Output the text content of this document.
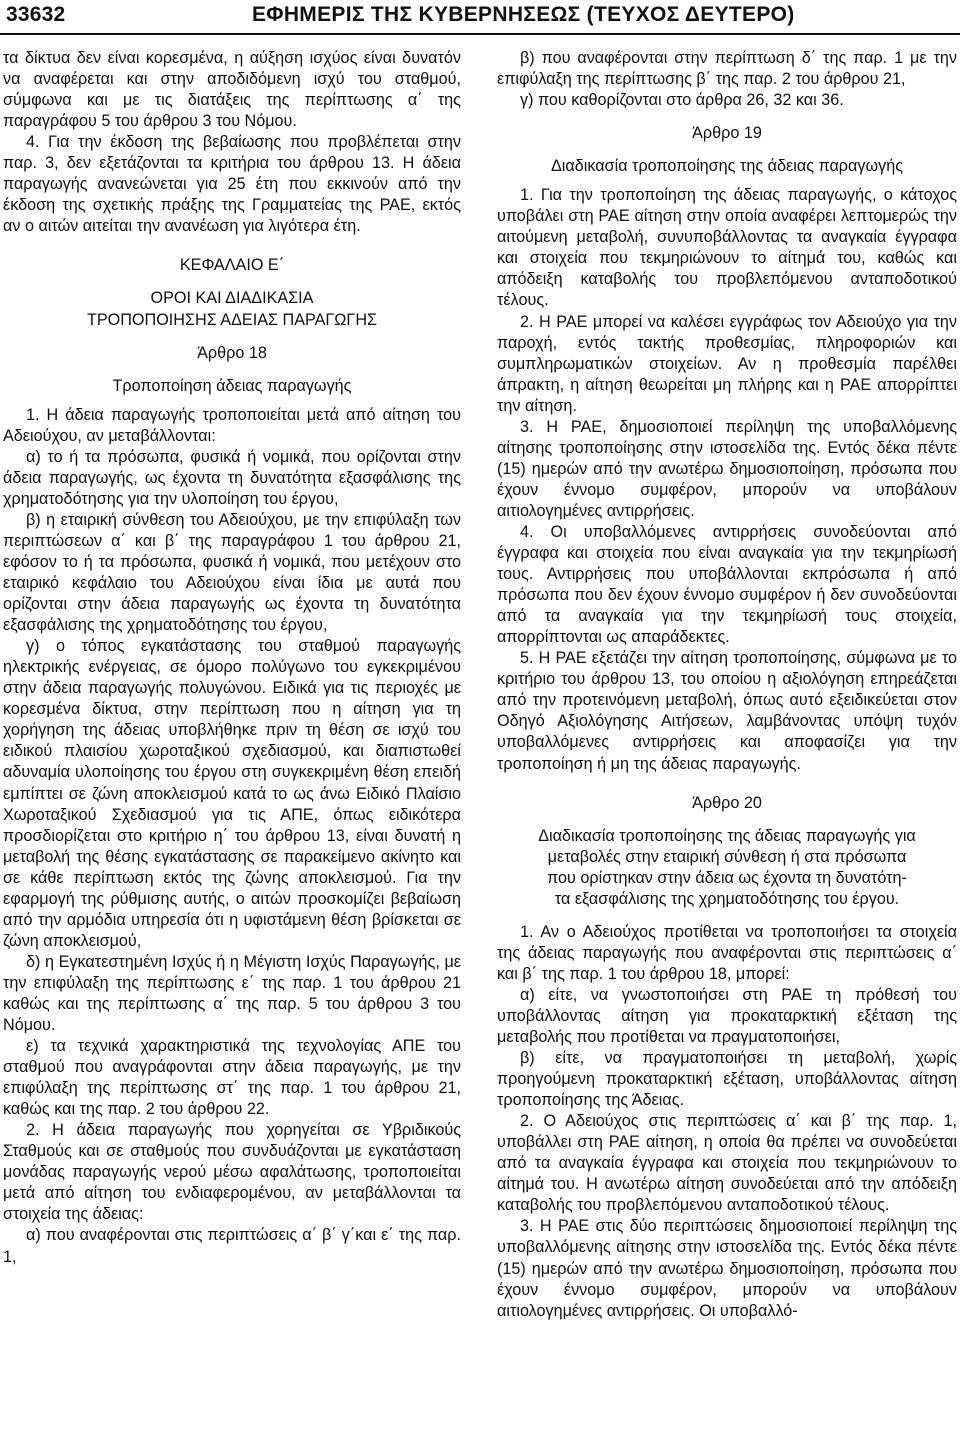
33632	ΕΦΗΜΕΡΙΣ ΤΗΣ ΚΥΒΕΡΝΗΣΕΩΣ (ΤΕΥΧΟΣ ΔΕΥΤΕΡΟ)

τα δίκτυα δεν είναι κορεσμένα, η αύξηση ισχύος είναι δυνατόν να αναφέρεται και στην αποδιδόμενη ισχύ του σταθμού, σύμφωνα και με τις διατάξεις της περίπτωσης α΄ της παραγράφου 5 του άρθρου 3 του Νόμου.

4. Για την έκδοση της βεβαίωσης που προβλέπεται στην παρ. 3, δεν εξετάζονται τα κριτήρια του άρθρου 13. Η άδεια παραγωγής ανανεώνεται για 25 έτη που εκκινούν από την έκδοση της σχετικής πράξης της Γραμματείας της ΡΑΕ, εκτός αν ο αιτών αιτείται την ανανέωση για λιγότερα έτη.

ΚΕΦΑΛΑΙΟ Ε΄

ΟΡΟΙ ΚΑΙ ΔΙΑΔΙΚΑΣΙΑ

ΤΡΟΠΟΠΟΙΗΣΗΣ ΑΔΕΙΑΣ ΠΑΡΑΓΩΓΗΣ

Άρθρο 18

Τροποποίηση άδειας παραγωγής

1. Η άδεια παραγωγής τροποποιείται μετά από αίτηση του Αδειούχου, αν μεταβάλλονται:

α) το ή τα πρόσωπα, φυσικά ή νομικά, που ορίζονται στην άδεια παραγωγής, ως έχοντα τη δυνατότητα εξασφάλισης της χρηματοδότησης για την υλοποίηση του έργου,

β) η εταιρική σύνθεση του Αδειούχου, με την επιφύλαξη των περιπτώσεων α΄ και β΄ της παραγράφου 1 του άρθρου 21, εφόσον το ή τα πρόσωπα, φυσικά ή νομικά, που μετέχουν στο εταιρικό κεφάλαιο του Αδειούχου είναι ίδια με αυτά που ορίζονται στην άδεια παραγωγής ως έχοντα τη δυνατότητα εξασφάλισης της χρηματοδότησης του έργου,

γ) ο τόπος εγκατάστασης του σταθμού παραγωγής ηλεκτρικής ενέργειας, σε όμορο πολύγωνο του εγκεκριμένου στην άδεια παραγωγής πολυγώνου. Ειδικά για τις περιοχές με κορεσμένα δίκτυα, στην περίπτωση που η αίτηση για τη χορήγηση της άδειας υποβλήθηκε πριν τη θέση σε ισχύ του ειδικού πλαισίου χωροταξικού σχεδιασμού, και διαπιστωθεί αδυναμία υλοποίησης του έργου στη συγκεκριμένη θέση επειδή εμπίπτει σε ζώνη αποκλεισμού κατά το ως άνω Ειδικό Πλαίσιο Χωροταξικού Σχεδιασμού για τις ΑΠΕ, όπως ειδικότερα προσδιορίζεται στο κριτήριο η΄ του άρθρου 13, είναι δυνατή η μεταβολή της θέσης εγκατάστασης σε παρακείμενο ακίνητο και σε κάθε περίπτωση εκτός της ζώνης αποκλεισμού. Για την εφαρμογή της ρύθμισης αυτής, ο αιτών προσκομίζει βεβαίωση από την αρμόδια υπηρεσία ότι η υφιστάμενη θέση βρίσκεται σε ζώνη αποκλεισμού,

δ) η Εγκατεστημένη Ισχύς ή η Μέγιστη Ισχύς Παραγωγής, με την επιφύλαξη της περίπτωσης ε΄ της παρ. 1 του άρθρου 21 καθώς και της περίπτωσης α΄ της παρ. 5 του άρθρου 3 του Νόμου.

ε) τα τεχνικά χαρακτηριστικά της τεχνολογίας ΑΠΕ του σταθμού που αναγράφονται στην άδεια παραγωγής, με την επιφύλαξη της περίπτωσης στ΄ της παρ. 1 του άρθρου 21, καθώς και της παρ. 2 του άρθρου 22.

2. Η άδεια παραγωγής που χορηγείται σε Υβριδικούς Σταθμούς και σε σταθμούς που συνδυάζονται με εγκατάσταση μονάδας παραγωγής νερού μέσω αφαλάτωσης, τροποποιείται μετά από αίτηση του ενδιαφερομένου, αν μεταβάλλονται τα στοιχεία της άδειας:

α) που αναφέρονται στις περιπτώσεις α΄ β΄ γ΄και ε΄ της παρ. 1,

β) που αναφέρονται στην περίπτωση δ΄ της παρ. 1 με την επιφύλαξη της περίπτωσης β΄ της παρ. 2 του άρθρου 21,

γ) που καθορίζονται στο άρθρα 26, 32 και 36.

Άρθρο 19

Διαδικασία τροποποίησης της άδειας παραγωγής

1. Για την τροποποίηση της άδειας παραγωγής, ο κάτοχος υποβάλει στη ΡΑΕ αίτηση στην οποία αναφέρει λεπτομερώς την αιτούμενη μεταβολή, συνυποβάλλοντας τα αναγκαία έγγραφα και στοιχεία που τεκμηριώνουν το αίτημά του, καθώς και απόδειξη καταβολής του προβλεπόμενου ανταποδοτικού τέλους.

2. Η ΡΑΕ μπορεί να καλέσει εγγράφως τον Αδειούχο για την παροχή, εντός τακτής προθεσμίας, πληροφοριών και συμπληρωματικών στοιχείων. Αν η προθεσμία παρέλθει άπρακτη, η αίτηση θεωρείται μη πλήρης και η ΡΑΕ απορρίπτει την αίτηση.

3. Η ΡΑΕ, δημοσιοποιεί περίληψη της υποβαλλόμενης αίτησης τροποποίησης στην ιστοσελίδα της. Εντός δέκα πέντε (15) ημερών από την ανωτέρω δημοσιοποίηση, πρόσωπα που έχουν έννομο συμφέρον, μπορούν να υποβάλουν αιτιολογημένες αντιρρήσεις.

4. Οι υποβαλλόμενες αντιρρήσεις συνοδεύονται από έγγραφα και στοιχεία που είναι αναγκαία για την τεκμηρίωσή τους. Αντιρρήσεις που υποβάλλονται εκπρόσωπα ή από πρόσωπα που δεν έχουν έννομο συμφέρον ή δεν συνοδεύονται από τα αναγκαία για την τεκμηρίωσή τους στοιχεία, απορρίπτονται ως απαράδεκτες.

5. Η ΡΑΕ εξετάζει την αίτηση τροποποίησης, σύμφωνα με το κριτήριο του άρθρου 13, του οποίου η αξιολόγηση επηρεάζεται από την προτεινόμενη μεταβολή, όπως αυτό εξειδικεύεται στον Οδηγό Αξιολόγησης Αιτήσεων, λαμβάνοντας υπόψη τυχόν υποβαλλόμενες αντιρρήσεις και αποφασίζει για την τροποποίηση ή μη της άδειας παραγωγής.

Άρθρο 20

Διαδικασία τροποποίησης της άδειας παραγωγής για

μεταβολές στην εταιρική σύνθεση ή στα πρόσωπα

που ορίστηκαν στην άδεια ως έχοντα τη δυνατότη-

τα εξασφάλισης της χρηματοδότησης του έργου.

1. Αν ο Αδειούχος προτίθεται να τροποποιήσει τα στοιχεία της άδειας παραγωγής που αναφέρονται στις περιπτώσεις α΄ και β΄ της παρ. 1 του άρθρου 18, μπορεί:

α) είτε, να γνωστοποιήσει στη ΡΑΕ τη πρόθεσή του υποβάλλοντας αίτηση για προκαταρκτική εξέταση της μεταβολής που προτίθεται να πραγματοποιήσει,

β) είτε, να πραγματοποιήσει τη μεταβολή, χωρίς προηγούμενη προκαταρκτική εξέταση, υποβάλλοντας αίτηση τροποποίησης της Άδειας.

2. Ο Αδειούχος στις περιπτώσεις α΄ και β΄ της παρ. 1, υποβάλλει στη ΡΑΕ αίτηση, η οποία θα πρέπει να συνοδεύεται από τα αναγκαία έγγραφα και στοιχεία που τεκμηριώνουν το αίτημά του. Η ανωτέρω αίτηση συνοδεύεται από την απόδειξη καταβολής του προβλεπόμενου ανταποδοτικού τέλους.

3. Η ΡΑΕ στις δύο περιπτώσεις δημοσιοποιεί περίληψη της υποβαλλόμενης αίτησης στην ιστοσελίδα της. Εντός δέκα πέντε (15) ημερών από την ανωτέρω δημοσιοποίηση, πρόσωπα που έχουν έννομο συμφέρον, μπορούν να υποβάλουν αιτιολογημένες αντιρρήσεις. Οι υποβαλλό-
